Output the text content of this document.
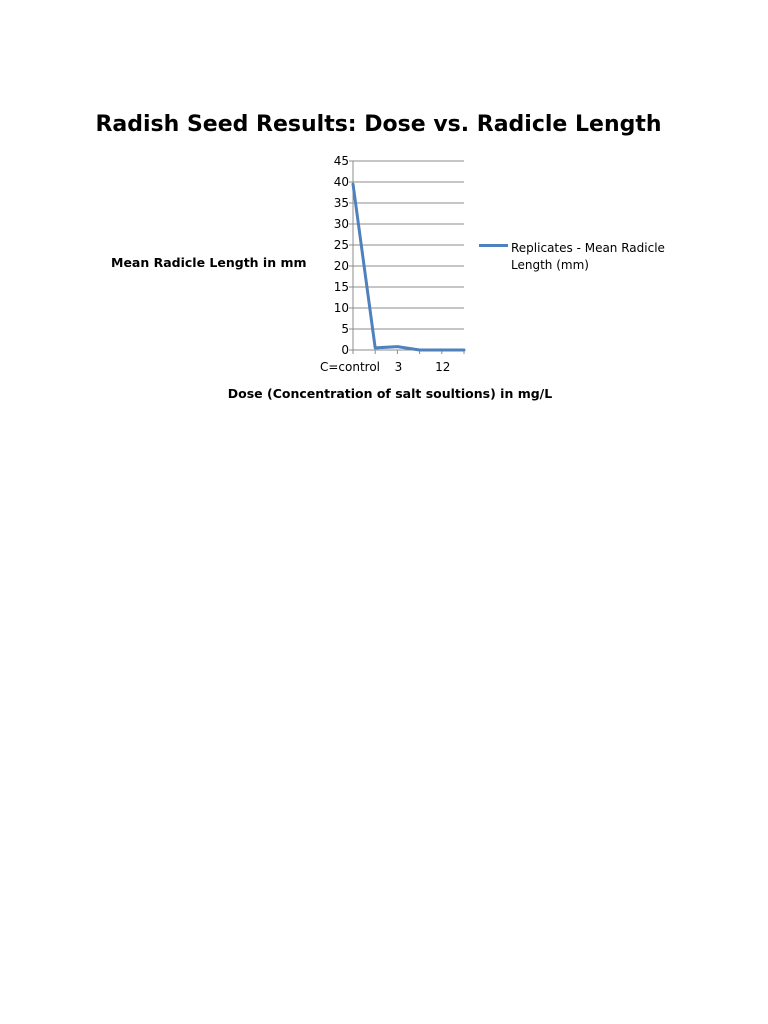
Radish Seed Results: Dose vs. Radicle Length
Mean Radicle Length in mm
Dose (Concentration of salt soultions) in mg/L
0
5
10
15
20
25
30
35
40
45
C=control 3	12
Replicates - Mean Radicle Length (mm)
